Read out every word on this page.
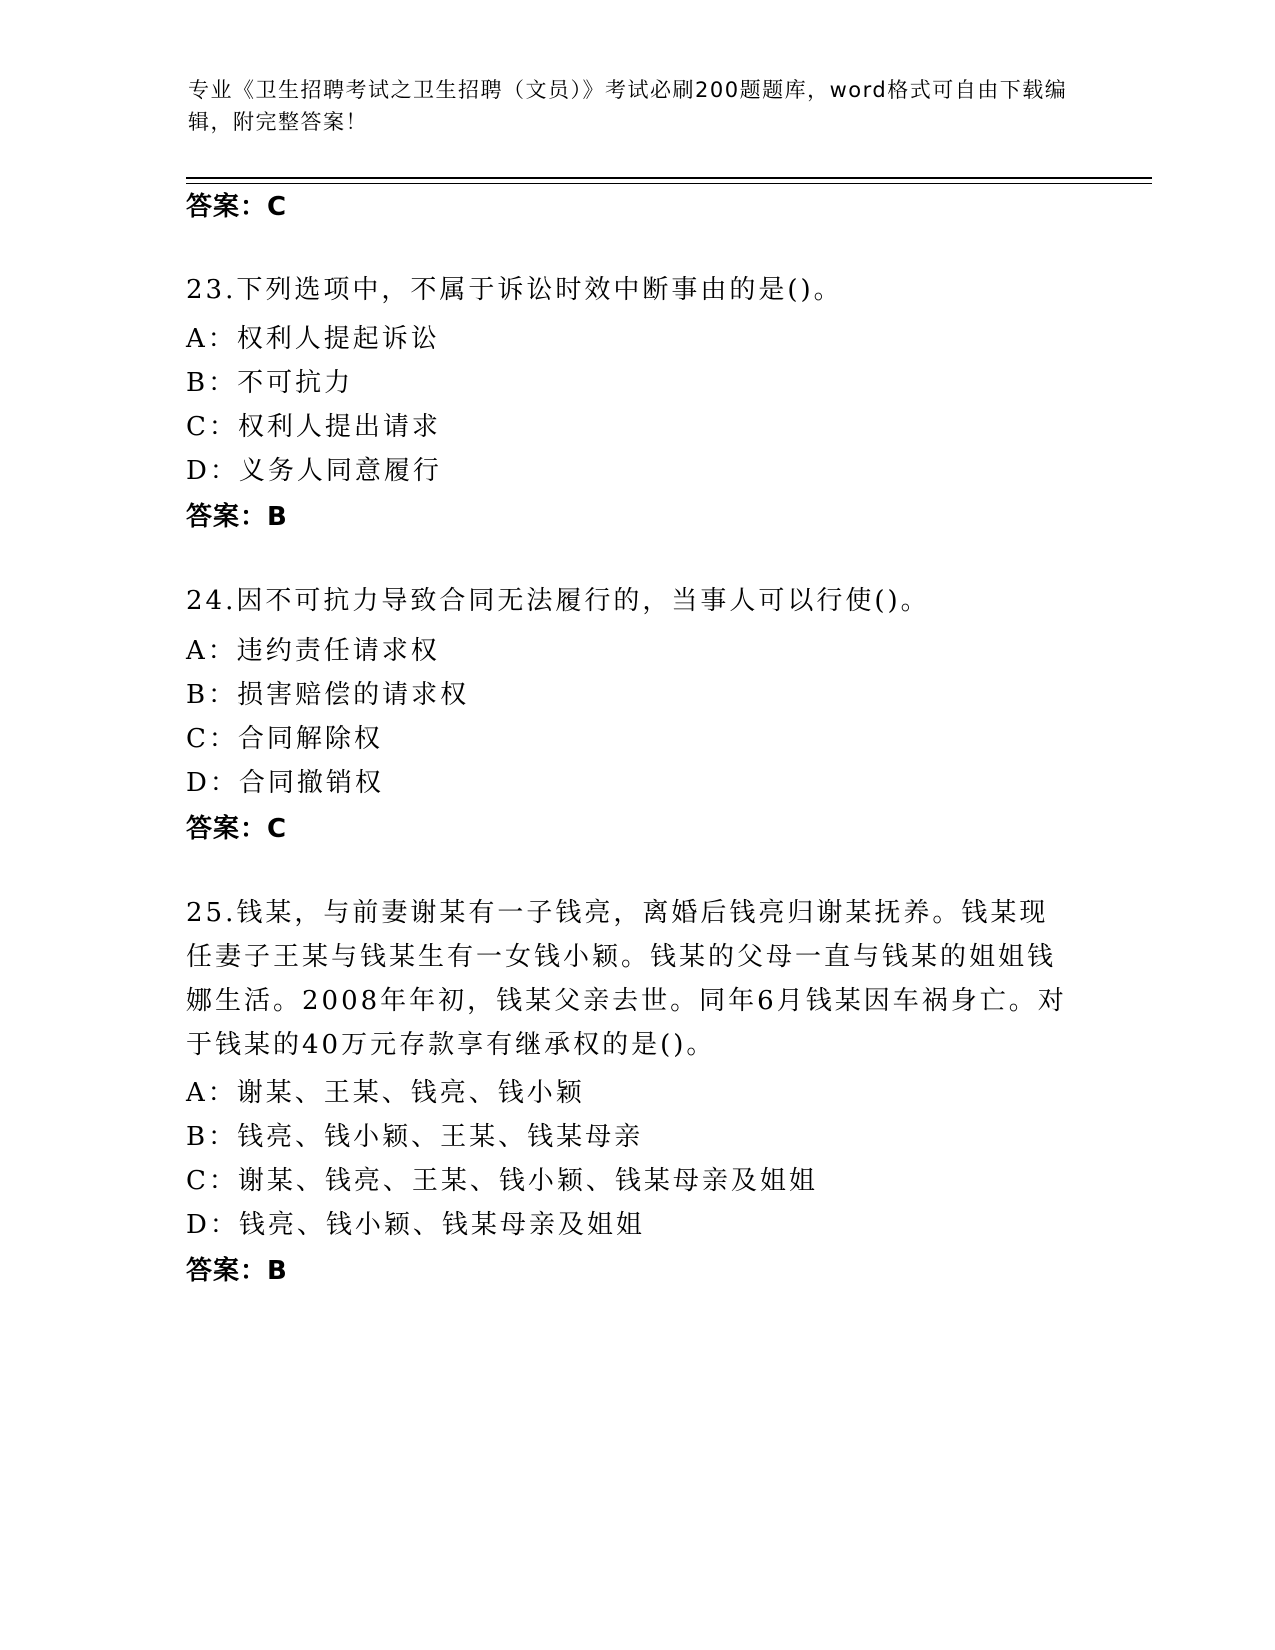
专业《卫生招聘考试之卫生招聘（文员）》考试必刷200题题库，word格式可自由下载编辑，附完整答案！
答案：C
23.下列选项中，不属于诉讼时效中断事由的是()。
A：权利人提起诉讼
B：不可抗力
C：权利人提出请求
D：义务人同意履行
答案：B
24.因不可抗力导致合同无法履行的，当事人可以行使()。
A：违约责任请求权
B：损害赔偿的请求权
C：合同解除权
D：合同撤销权
答案：C
25.钱某，与前妻谢某有一子钱亮，离婚后钱亮归谢某抚养。钱某现任妻子王某与钱某生有一女钱小颖。钱某的父母一直与钱某的姐姐钱娜生活。2008年年初，钱某父亲去世。同年6月钱某因车祸身亡。对于钱某的40万元存款享有继承权的是()。
A：谢某、王某、钱亮、钱小颖
B：钱亮、钱小颖、王某、钱某母亲
C：谢某、钱亮、王某、钱小颖、钱某母亲及姐姐
D：钱亮、钱小颖、钱某母亲及姐姐
答案：B
